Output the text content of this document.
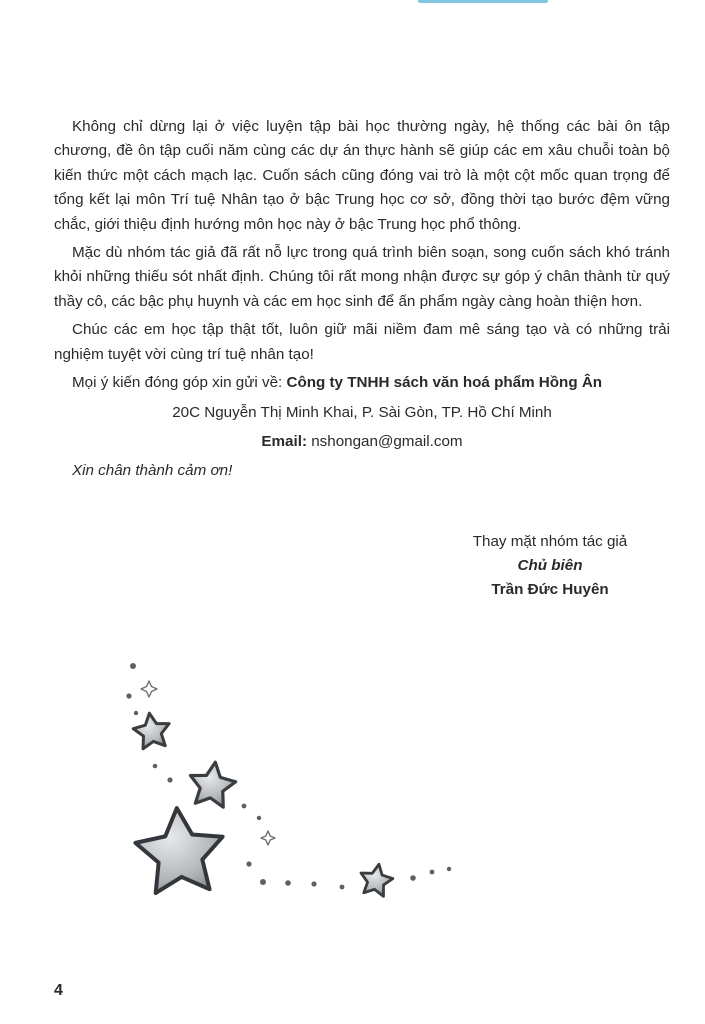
Không chỉ dừng lại ở việc luyện tập bài học thường ngày, hệ thống các bài ôn tập chương, đề ôn tập cuối năm cùng các dự án thực hành sẽ giúp các em xâu chuỗi toàn bộ kiến thức một cách mạch lạc. Cuốn sách cũng đóng vai trò là một cột mốc quan trọng để tổng kết lại môn Trí tuệ Nhân tạo ở bậc Trung học cơ sở, đồng thời tạo bước đệm vững chắc, giới thiệu định hướng môn học này ở bậc Trung học phổ thông.

Mặc dù nhóm tác giả đã rất nỗ lực trong quá trình biên soạn, song cuốn sách khó tránh khỏi những thiếu sót nhất định. Chúng tôi rất mong nhận được sự góp ý chân thành từ quý thầy cô, các bậc phụ huynh và các em học sinh để ấn phẩm ngày càng hoàn thiện hơn.

Chúc các em học tập thật tốt, luôn giữ mãi niềm đam mê sáng tạo và có những trải nghiệm tuyệt vời cùng trí tuệ nhân tạo!

Mọi ý kiến đóng góp xin gửi về: Công ty TNHH sách văn hoá phẩm Hồng Ân

20C Nguyễn Thị Minh Khai, P. Sài Gòn, TP. Hồ Chí Minh

Email: nshongan@gmail.com

Xin chân thành cảm ơn!

Thay mặt nhóm tác giả
Chủ biên
Trần Đức Huyên
4
